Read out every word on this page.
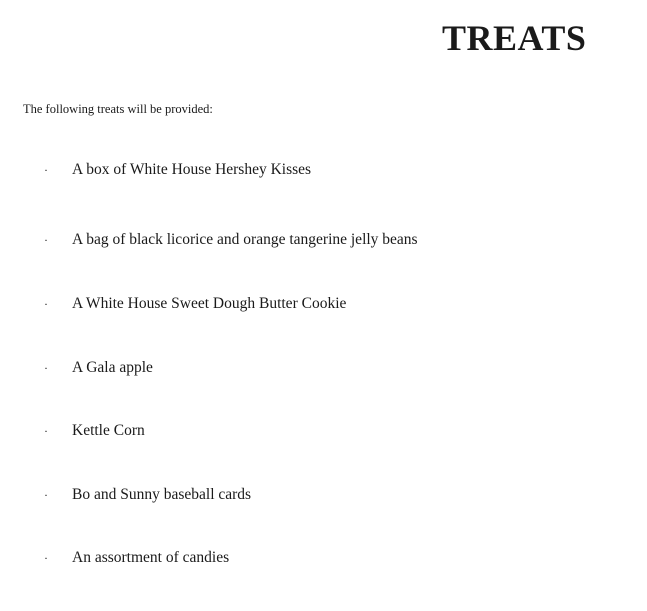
TREATS

The following treats will be provided:

· A box of White House Hershey Kisses
· A bag of black licorice and orange tangerine jelly beans
· A White House Sweet Dough Butter Cookie
· A Gala apple
· Kettle Corn
· Bo and Sunny baseball cards
· An assortment of candies
